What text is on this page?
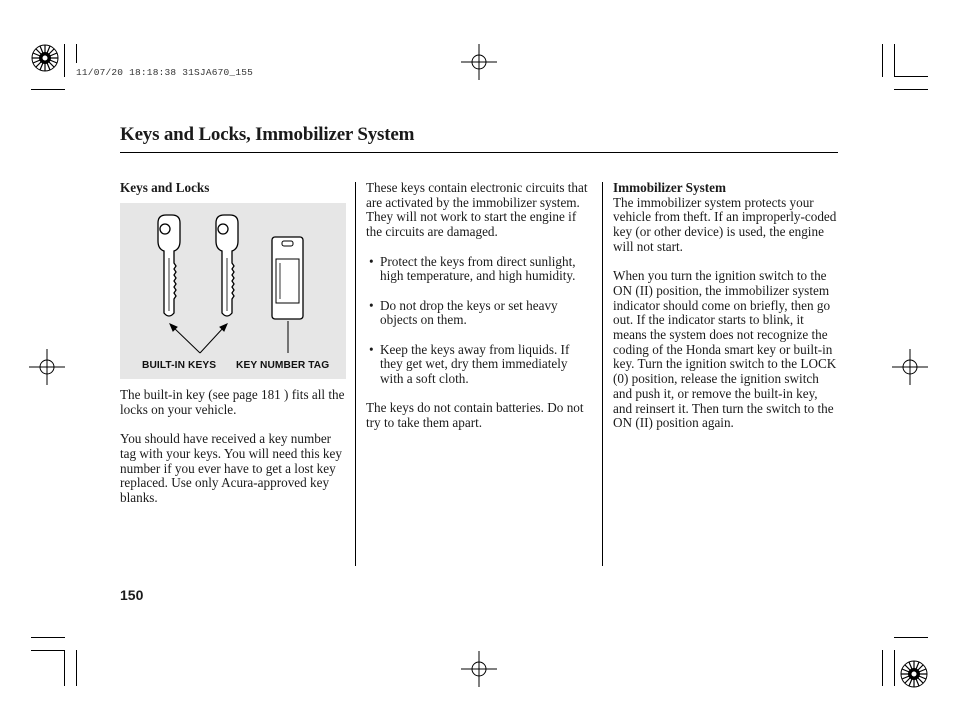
11/07/20 18:18:38 31SJA670_155
Keys and Locks, Immobilizer System

Keys and Locks

BUILT-IN KEYS KEY NUMBER TAG

The built-in key (see page 181 ) fits all the locks on your vehicle.

You should have received a key number tag with your keys. You will need this key number if you ever have to get a lost key replaced. Use only Acura-approved key blanks.

These keys contain electronic circuits that are activated by the immobilizer system. They will not work to start the engine if the circuits are damaged.

• Protect the keys from direct sunlight, high temperature, and high humidity.
• Do not drop the keys or set heavy objects on them.
• Keep the keys away from liquids. If they get wet, dry them immediately with a soft cloth.

The keys do not contain batteries. Do not try to take them apart.

Immobilizer System

The immobilizer system protects your vehicle from theft. If an improperly-coded key (or other device) is used, the engine will not start.

When you turn the ignition switch to the ON (II) position, the immobilizer system indicator should come on briefly, then go out. If the indicator starts to blink, it means the system does not recognize the coding of the Honda smart key or built-in key. Turn the ignition switch to the LOCK (0) position, release the ignition switch and push it, or remove the built-in key, and reinsert it. Then turn the switch to the ON (II) position again.

150
